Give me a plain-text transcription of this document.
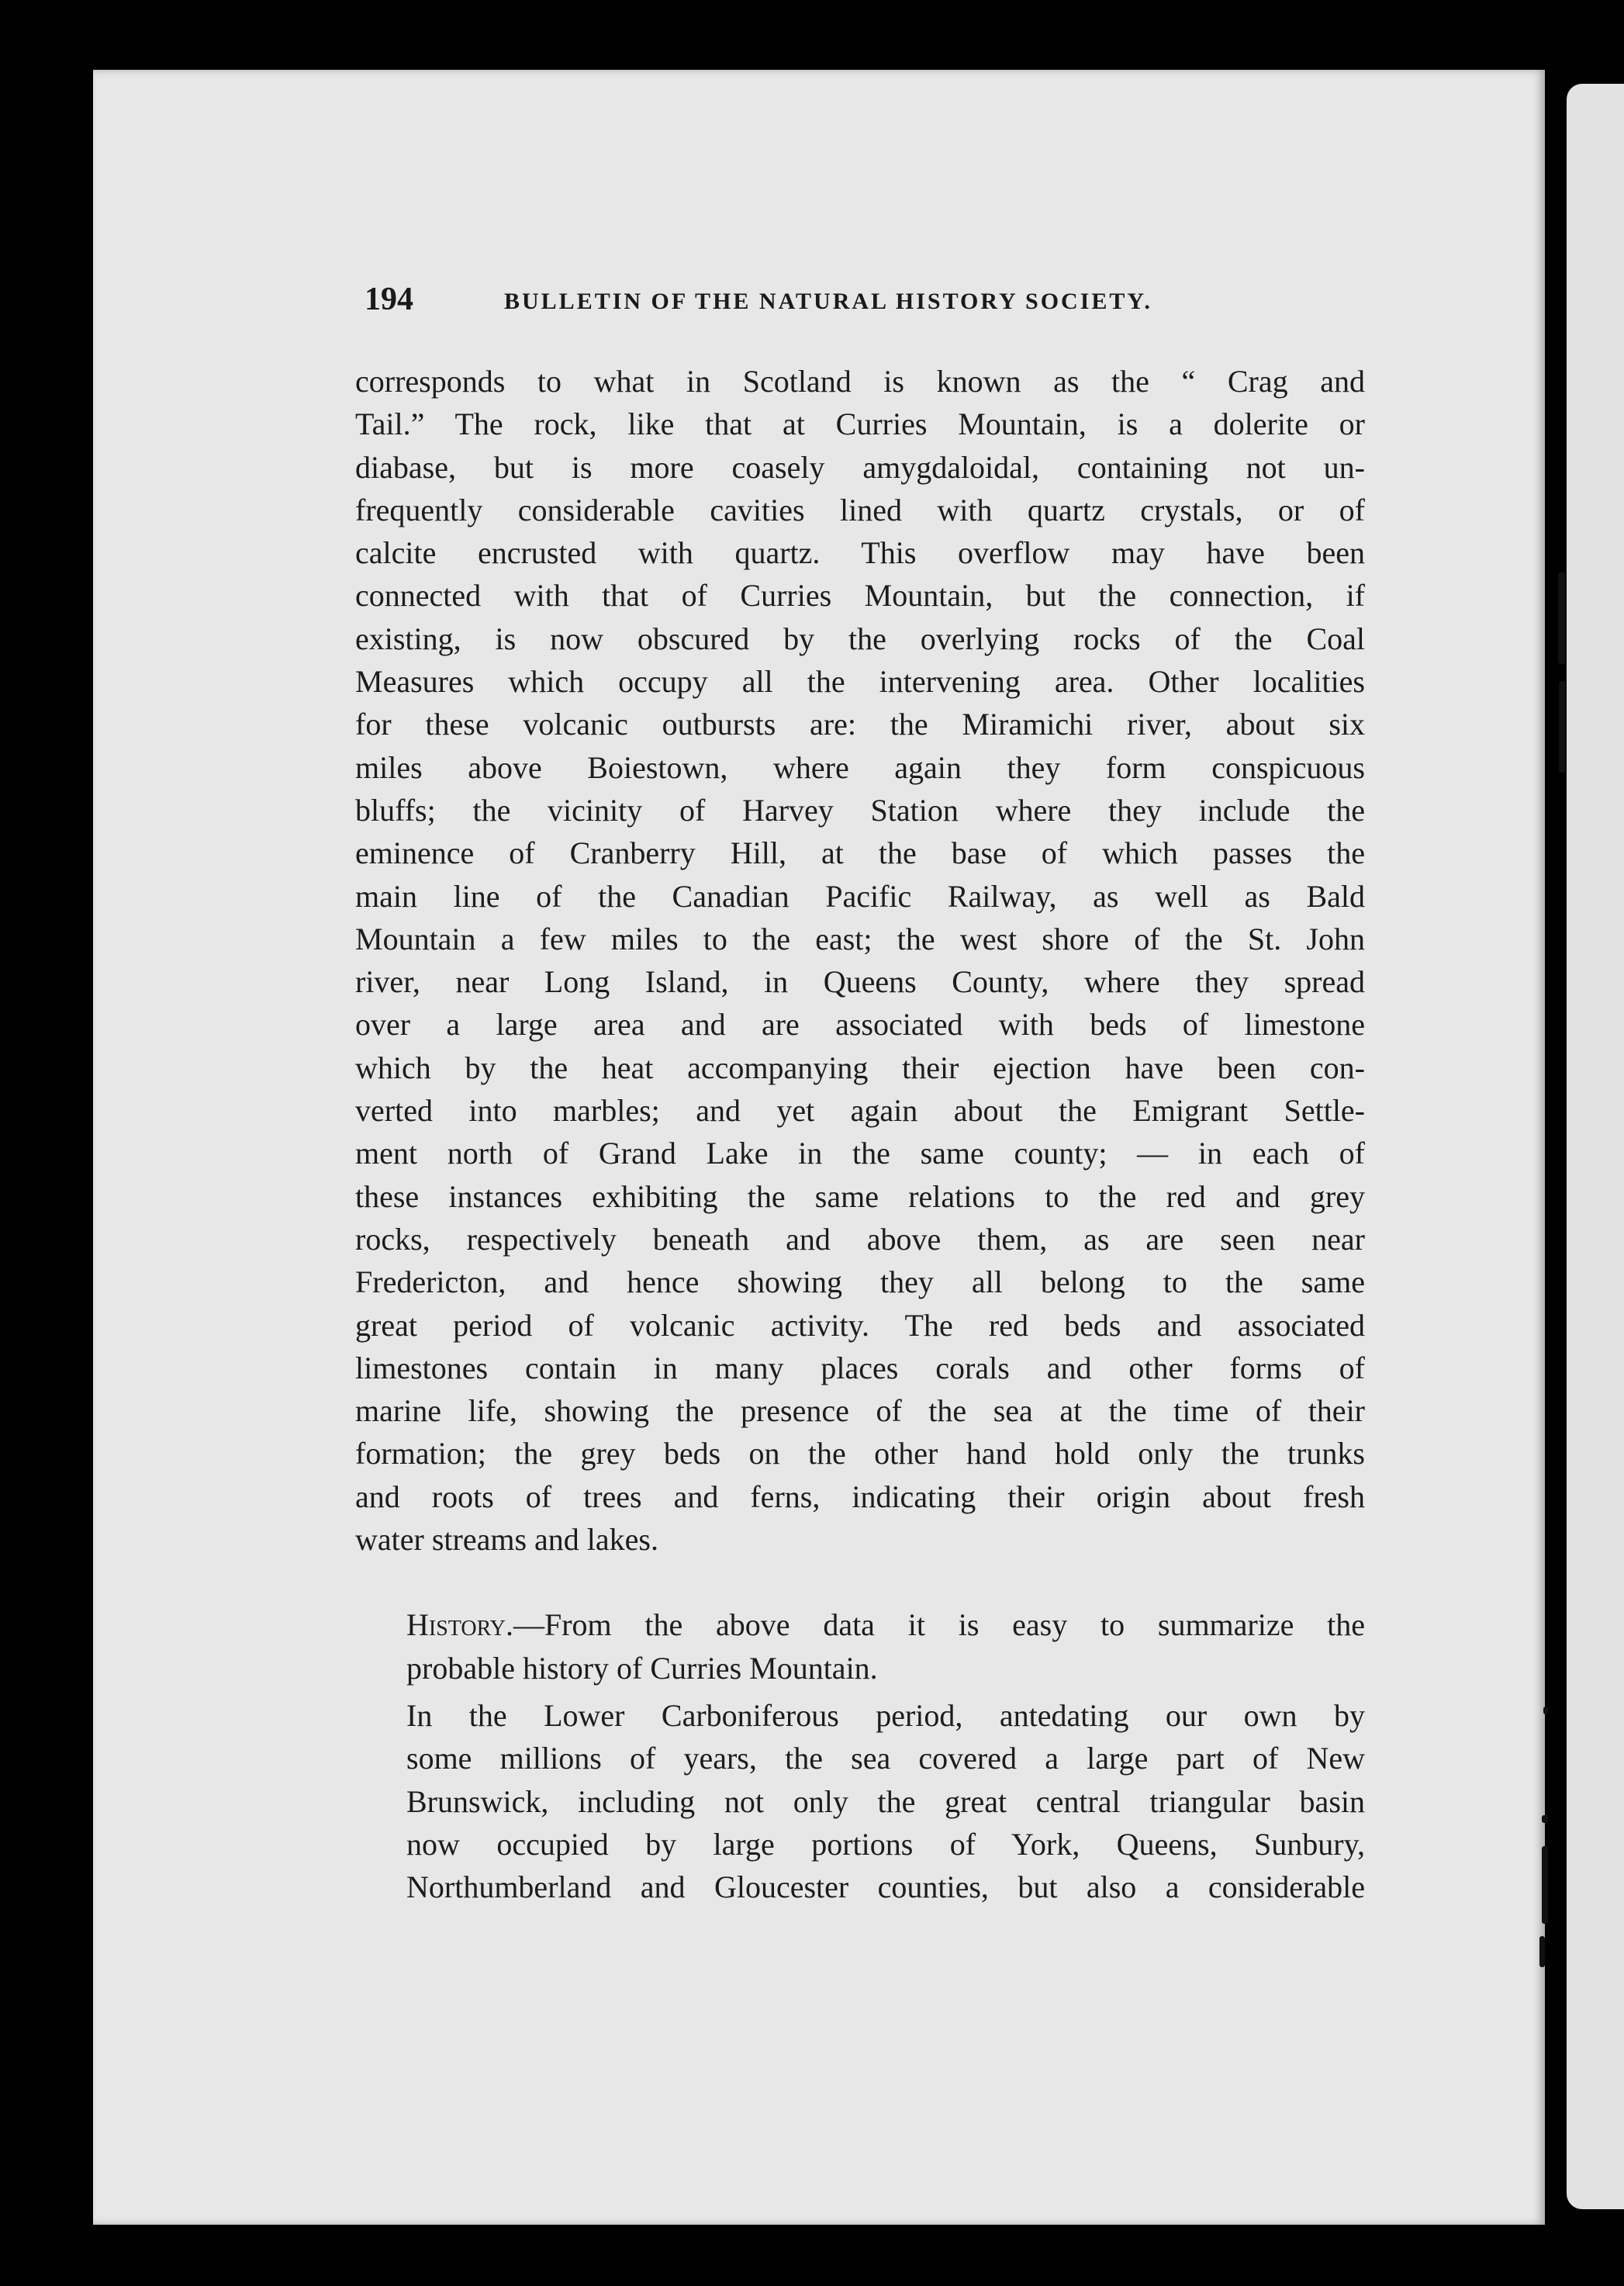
194	BULLETIN OF THE NATURAL HISTORY SOCIETY.

corresponds to what in Scotland is known as the “ Crag and
Tail.” The rock, like that at Curries Mountain, is a dolerite or
diabase, but is more coasely amygdaloidal, containing not un-
frequently considerable cavities lined with quartz crystals, or of
calcite encrusted with quartz. This overflow may have been
connected with that of Curries Mountain, but the connection, if
existing, is now obscured by the overlying rocks of the Coal
Measures which occupy all the intervening area. Other localities
for these volcanic outbursts are: the Miramichi river, about six
miles above Boiestown, where again they form conspicuous
bluffs; the vicinity of Harvey Station where they include the
eminence of Cranberry Hill, at the base of which passes the
main line of the Canadian Pacific Railway, as well as Bald
Mountain a few miles to the east; the west shore of the St. John
river, near Long Island, in Queens County, where they spread
over a large area and are associated with beds of limestone
which by the heat accompanying their ejection have been con-
verted into marbles; and yet again about the Emigrant Settle-
ment north of Grand Lake in the same county; — in each of
these instances exhibiting the same relations to the red and grey
rocks, respectively beneath and above them, as are seen near
Fredericton, and hence showing they all belong to the same
great period of volcanic activity. The red beds and associated
limestones contain in many places corals and other forms of
marine life, showing the presence of the sea at the time of their
formation; the grey beds on the other hand hold only the trunks
and roots of trees and ferns, indicating their origin about fresh
water streams and lakes.

History.—From the above data it is easy to summarize the
probable history of Curries Mountain.

In the Lower Carboniferous period, antedating our own by
some millions of years, the sea covered a large part of New
Brunswick, including not only the great central triangular basin
now occupied by large portions of York, Queens, Sunbury,
Northumberland and Gloucester counties, but also a considerable
